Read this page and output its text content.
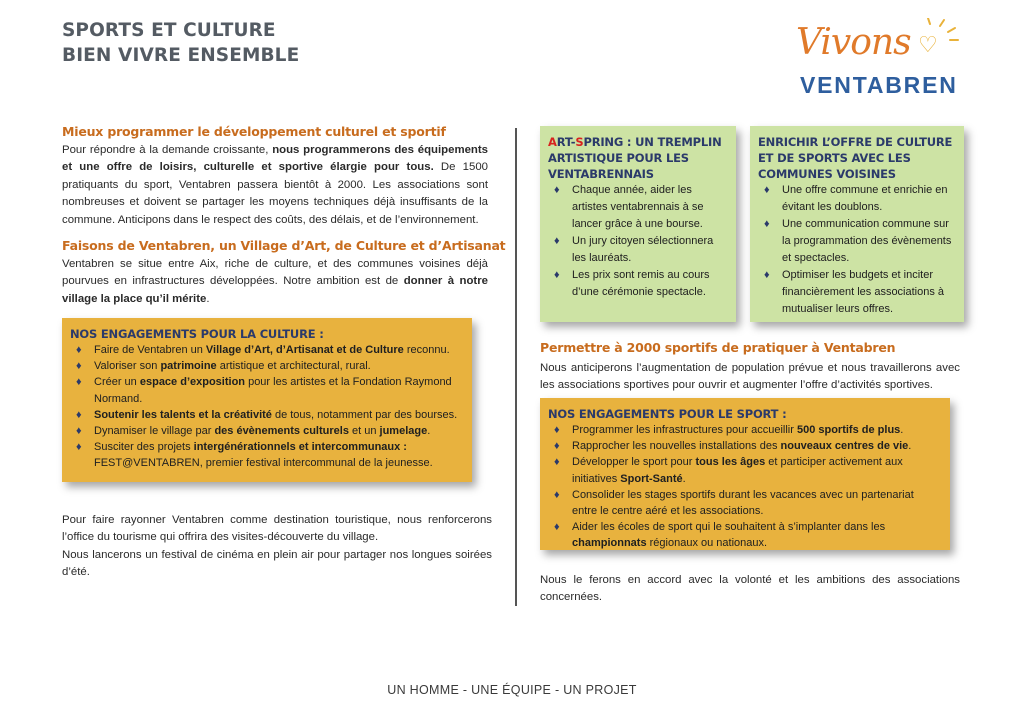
SPORTS ET CULTURE
BIEN VIVRE ENSEMBLE	Vivons ♡
VENTABREN
Mieux programmer le développement culturel et sportif

Pour répondre à la demande croissante, nous programmerons des équipements et une offre de loisirs, culturelle et sportive élargie pour tous. De 1500 pratiquants du sport, Ventabren passera bientôt à 2000. Les associations sont nombreuses et doivent se partager les moyens techniques déjà insuffisants de la commune. Anticipons dans le respect des coûts, des délais, et de l’environnement.

Faisons de Ventabren, un Village d’Art, de Culture et d’Artisanat

Ventabren se situe entre Aix, riche de culture, et des communes voisines déjà pourvues en infrastructures développées. Notre ambition est de donner à notre village la place qu’il mérite.

NOS ENGAGEMENTS POUR LA CULTURE :
♦ Faire de Ventabren un Village d’Art, d’Artisanat et de Culture reconnu.
♦ Valoriser son patrimoine artistique et architectural, rural.
♦ Créer un espace d’exposition pour les artistes et la Fondation Raymond Normand.
♦ Soutenir les talents et la créativité de tous, notamment par des bourses.
♦ Dynamiser le village par des évènements culturels et un jumelage.
♦ Susciter des projets intergénérationnels et intercommunaux : FEST@VENTABREN, premier festival intercommunal de la jeunesse.

Pour faire rayonner Ventabren comme destination touristique, nous renforcerons l’office du tourisme qui offrira des visites-découverte du village.

Nous lancerons un festival de cinéma en plein air pour partager nos longues soirées d’été.

ART-SPRING : UN TREMPLIN ARTISTIQUE POUR LES VENTABRENNAIS
♦ Chaque année, aider les artistes ventabrennais à se lancer grâce à une bourse.
♦ Un jury citoyen sélectionnera les lauréats.
♦ Les prix sont remis au cours d’une cérémonie spectacle.
ENRICHIR L’OFFRE DE CULTURE ET DE SPORTS AVEC LES COMMUNES VOISINES
♦ Une offre commune et enrichie en évitant les doublons.
♦ Une communication commune sur la programmation des évènements et spectacles.
♦ Optimiser les budgets et inciter financièrement les associations à mutualiser leurs offres.
Permettre à 2000 sportifs de pratiquer à Ventabren

Nous anticiperons l’augmentation de population prévue et nous travaillerons avec les associations sportives pour ouvrir et augmenter l’offre d’activités sportives.

NOS ENGAGEMENTS POUR LE SPORT :
♦ Programmer les infrastructures pour accueillir 500 sportifs de plus.
♦ Rapprocher les nouvelles installations des nouveaux centres de vie.
♦ Développer le sport pour tous les âges et participer activement aux initiatives Sport-Santé.
♦ Consolider les stages sportifs durant les vacances avec un partenariat entre le centre aéré et les associations.
♦ Aider les écoles de sport qui le souhaitent à s’implanter dans les championnats régionaux ou nationaux.

Nous le ferons en accord avec la volonté et les ambitions des associations concernées.

UN HOMME - UNE ÉQUIPE - UN PROJET
